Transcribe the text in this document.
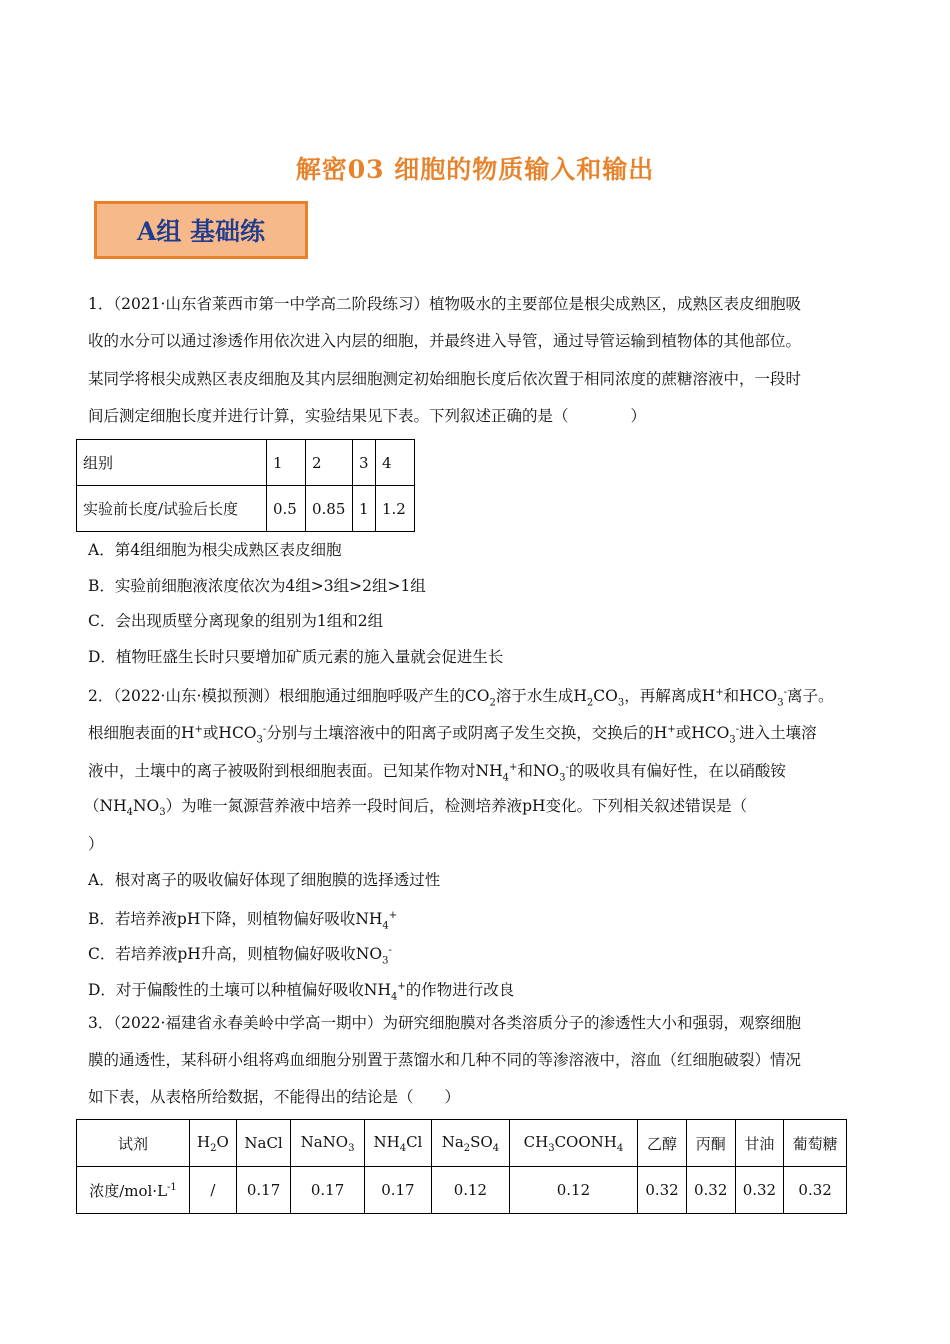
解密03 细胞的物质输入和输出
A组 基础练
1．（2021·山东省莱西市第一中学高二阶段练习）植物吸水的主要部位是根尖成熟区，成熟区表皮细胞吸
收的水分可以通过渗透作用依次进入内层的细胞，并最终进入导管，通过导管运输到植物体的其他部位。
某同学将根尖成熟区表皮细胞及其内层细胞测定初始细胞长度后依次置于相同浓度的蔗糖溶液中，一段时
间后测定细胞长度并进行计算，实验结果见下表。下列叙述正确的是（　　　　）
组别	1	2	3	4
实验前长度/试验后长度	0.5	0.85	1	1.2
A．第4组细胞为根尖成熟区表皮细胞
B．实验前细胞液浓度依次为4组>3组>2组>1组
C．会出现质壁分离现象的组别为1组和2组
D．植物旺盛生长时只要增加矿质元素的施入量就会促进生长
2．（2022·山东·模拟预测）根细胞通过细胞呼吸产生的$CO_2$溶于水生成$H_2CO_3$，再解离成H+和$HCO_3^-$离子。
根细胞表面的H+或$HCO_3^-$分别与土壤溶液中的阳离子或阴离子发生交换，交换后的H+或$HCO_3^-$进入土壤溶
液中，土壤中的离子被吸附到根细胞表面。已知某作物对$NH_4^+$和$NO_3^-$的吸收具有偏好性，在以硝酸铵
$(NH_4NO_3)$为唯一氮源营养液中培养一段时间后，检测培养液pH变化。下列相关叙述错误是（
）
A．根对离子的吸收偏好体现了细胞膜的选择透过性
B．若培养液pH下降，则植物偏好吸收$NH_4^+$
C．若培养液pH升高，则植物偏好吸收$NO_3^-$
D．对于偏酸性的土壤可以种植偏好吸收$NH_4^+$的作物进行改良
3．（2022·福建省永春美岭中学高一期中）为研究细胞膜对各类溶质分子的渗透性大小和强弱，观察细胞
膜的通透性，某科研小组将鸡血细胞分别置于蒸馏水和几种不同的等渗溶液中，溶血（红细胞破裂）情况
如下表，从表格所给数据，不能得出的结论是（　　）
试剂	$H_2O$	NaCl	NaNO$_3$	$NH_4Cl$	$Na_2SO_4$	$CH_3COONH_4$	乙醇	丙酮	甘油	葡萄糖
浓度$/mol\cdot L^{-1}$	/	0.17	0.17	0.17	0.12	0.12	0.32	0.32	0.32	0.32
